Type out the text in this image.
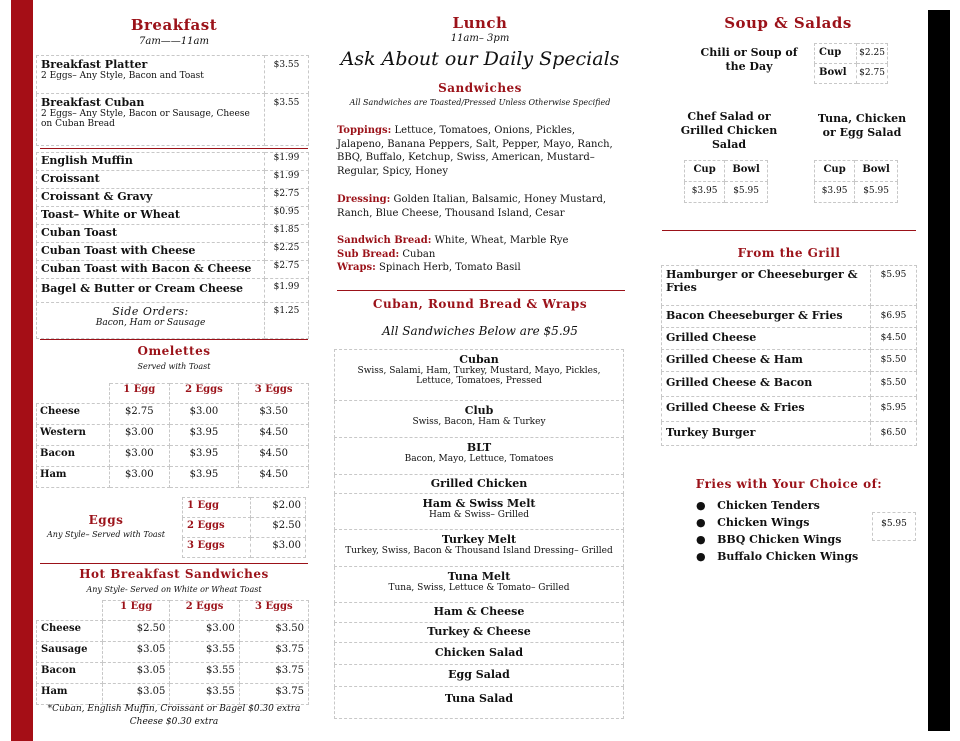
Breakfast
7am——11am
Breakfast Platter
2 Eggs– Any Style, Bacon and Toast	$3.55

Breakfast Cuban
2 Eggs– Any Style, Bacon or Sausage, Cheese on Cuban Bread	$3.55
English Muffin	$1.99
Croissant	$1.99
Croissant & Gravy	$2.75
Toast– White or Wheat	$0.95
Cuban Toast	$1.85
Cuban Toast with Cheese	$2.25
Cuban Toast with Bacon & Cheese	$2.75
Bagel & Butter or Cream Cheese	$1.99

Side Orders:
Bacon, Ham or Sausage	$1.25
Omelettes
Served with Toast
	1 Egg	2 Eggs	3 Eggs
Cheese	$2.75	$3.00	$3.50
Western	$3.00	$3.95	$4.50
Bacon	$3.00	$3.95	$4.50
Ham	$3.00	$3.95	$4.50
Eggs
Any Style– Served with Toast
1 Egg	$2.00
2 Eggs	$2.50
3 Eggs	$3.00
Hot Breakfast Sandwiches
Any Style- Served on White or Wheat Toast
	1 Egg	2 Eggs	3 Eggs
Cheese	$2.50	$3.00	$3.50
Sausage	$3.05	$3.55	$3.75
Bacon	$3.05	$3.55	$3.75
Ham	$3.05	$3.55	$3.75
*Cuban, English Muffin, Croissant or Bagel $0.30 extra
Cheese $0.30 extra
Lunch
11am– 3pm
Ask About our Daily Specials
Sandwiches
All Sandwiches are Toasted/Pressed Unless Otherwise Specified
Toppings: Lettuce, Tomatoes, Onions, Pickles, Jalapeno, Banana Peppers, Salt, Pepper, Mayo, Ranch, BBQ, Buffalo, Ketchup, Swiss, American, Mustard– Regular, Spicy, Honey
Dressing: Golden Italian, Balsamic, Honey Mustard, Ranch, Blue Cheese, Thousand Island, Cesar
Sandwich Bread: White, Wheat, Marble Rye
Sub Bread: Cuban
Wraps: Spinach Herb, Tomato Basil
Cuban, Round Bread & Wraps
All Sandwiches Below are $5.95
Cuban
Swiss, Salami, Ham, Turkey, Mustard, Mayo, Pickles, Lettuce, Tomatoes, Pressed

Club
Swiss, Bacon, Ham & Turkey

BLT
Bacon, Mayo, Lettuce, Tomatoes

Grilled Chicken

Ham & Swiss Melt
Ham & Swiss– Grilled

Turkey Melt
Turkey, Swiss, Bacon & Thousand Island Dressing– Grilled

Tuna Melt
Tuna, Swiss, Lettuce & Tomato– Grilled

Ham & Cheese

Turkey & Cheese

Chicken Salad

Egg Salad

Tuna Salad
Soup & Salads
Chili or Soup of the Day
Cup	$2.25
Bowl	$2.75
Chef Salad or Grilled Chicken Salad
Cup	Bowl
$3.95	$5.95
Tuna, Chicken or Egg Salad
Cup	Bowl
$3.95	$5.95
From the Grill
Hamburger or Cheeseburger & Fries	$5.95
Bacon Cheeseburger & Fries	$6.95
Grilled Cheese	$4.50
Grilled Cheese & Ham	$5.50
Grilled Cheese & Bacon	$5.50
Grilled Cheese & Fries	$5.95
Turkey Burger	$6.50
Fries with Your Choice of:
● Chicken Tenders
● Chicken Wings
● BBQ Chicken Wings
● Buffalo Chicken Wings
$5.95
